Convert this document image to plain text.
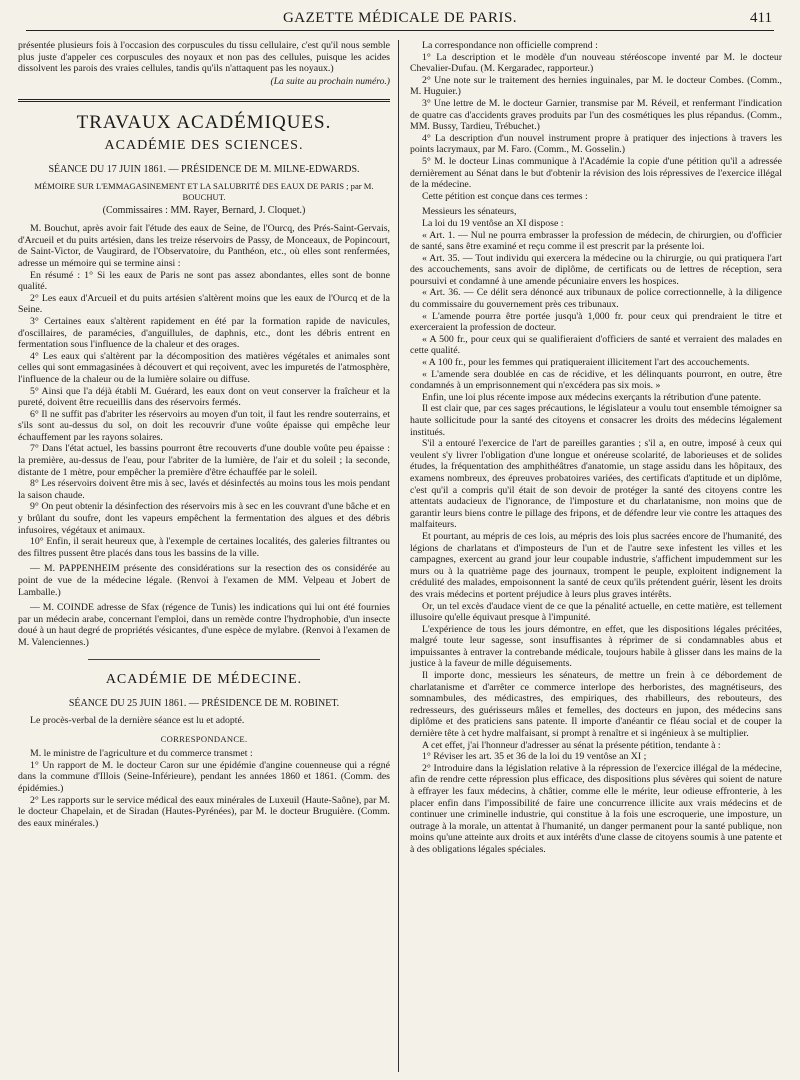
GAZETTE MÉDICALE DE PARIS.	411

présentée plusieurs fois à l'occasion des corpuscules du tissu cellulaire, c'est qu'il nous semble plus juste d'appeler ces corpuscules des noyaux et non pas des cellules, puisque les acides dissolvent les parois des vraies cellules, tandis qu'ils n'attaquent pas les noyaux.)

(La suite au prochain numéro.)
TRAVAUX ACADÉMIQUES.
ACADÉMIE DES SCIENCES.
SÉANCE DU 17 JUIN 1861. — PRÉSIDENCE DE M. MILNE-EDWARDS.
MÉMOIRE SUR L'EMMAGASINEMENT ET LA SALUBRITÉ DES EAUX DE PARIS ; par M. BOUCHUT.
(Commissaires : MM. Rayer, Bernard, J. Cloquet.)

M. Bouchut, après avoir fait l'étude des eaux de Seine, de l'Ourcq, des Prés-Saint-Gervais, d'Arcueil et du puits artésien, dans les treize réservoirs de Passy, de Monceaux, de Popincourt, de Saint-Victor, de Vaugirard, de l'Observatoire, du Panthéon, etc., où elles sont renfermées, adresse un mémoire qui se termine ainsi :

En résumé : 1° Si les eaux de Paris ne sont pas assez abondantes, elles sont de bonne qualité.

2° Les eaux d'Arcueil et du puits artésien s'altèrent moins que les eaux de l'Ourcq et de la Seine.

3° Certaines eaux s'altèrent rapidement en été par la formation rapide de navicules, d'oscillaires, de paramécies, d'anguillules, de daphnis, etc., dont les débris entrent en fermentation sous l'influence de la chaleur et des orages.

4° Les eaux qui s'altèrent par la décomposition des matières végétales et animales sont celles qui sont emmagasinées à découvert et qui reçoivent, avec les impuretés de l'atmosphère, l'influence de la chaleur ou de la lumière solaire ou diffuse.

5° Ainsi que l'a déjà établi M. Guérard, les eaux dont on veut conserver la fraîcheur et la pureté, doivent être recueillis dans des réservoirs fermés.

6° Il ne suffit pas d'abriter les réservoirs au moyen d'un toit, il faut les rendre souterrains, et s'ils sont au-dessus du sol, on doit les recouvrir d'une voûte épaisse qui empêche leur échauffement par les rayons solaires.

7° Dans l'état actuel, les bassins pourront être recouverts d'une double voûte peu épaisse : la première, au-dessus de l'eau, pour l'abriter de la lumière, de l'air et du soleil ; la seconde, distante de 1 mètre, pour empêcher la première d'être échauffée par le soleil.

8° Les réservoirs doivent être mis à sec, lavés et désinfectés au moins tous les mois pendant la saison chaude.

9° On peut obtenir la désinfection des réservoirs mis à sec en les couvrant d'une bâche et en y brûlant du soufre, dont les vapeurs empêchent la fermentation des algues et des débris infusoires, végétaux et animaux.

10° Enfin, il serait heureux que, à l'exemple de certaines localités, des galeries filtrantes ou des filtres pussent être placés dans tous les bassins de la ville.

— M. PAPPENHEIM présente des considérations sur la resection des os considérée au point de vue de la médecine légale. (Renvoi à l'examen de MM. Velpeau et Jobert de Lamballe.)

— M. COINDE adresse de Sfax (régence de Tunis) les indications qui lui ont été fournies par un médecin arabe, concernant l'emploi, dans un remède contre l'hydrophobie, d'un insecte doué à un haut degré de propriétés vésicantes, d'une espèce de mylabre. (Renvoi à l'examen de M. Valenciennes.)

ACADÉMIE DE MÉDECINE.
SÉANCE DU 25 JUIN 1861. — PRÉSIDENCE DE M. ROBINET.

Le procès-verbal de la dernière séance est lu et adopté.

CORRESPONDANCE.

M. le ministre de l'agriculture et du commerce transmet :

1° Un rapport de M. le docteur Caron sur une épidémie d'angine couenneuse qui a régné dans la commune d'Illois (Seine-Inférieure), pendant les années 1860 et 1861. (Comm. des épidémies.)

2° Les rapports sur le service médical des eaux minérales de Luxeuil (Haute-Saône), par M. le docteur Chapelain, et de Siradan (Hautes-Pyrénées), par M. le docteur Bruguière. (Comm. des eaux minérales.)

La correspondance non officielle comprend :

1° La description et le modèle d'un nouveau stéréoscope inventé par M. le docteur Chevalier-Dufau. (M. Kergaradec, rapporteur.)

2° Une note sur le traitement des hernies inguinales, par M. le docteur Combes. (Comm., M. Huguier.)

3° Une lettre de M. le docteur Garnier, transmise par M. Réveil, et renfermant l'indication de quatre cas d'accidents graves produits par l'un des cosmétiques les plus répandus. (Comm., MM. Bussy, Tardieu, Trébuchet.)

4° La description d'un nouvel instrument propre à pratiquer des injections à travers les points lacrymaux, par M. Faro. (Comm., M. Gosselin.)

5° M. le docteur Linas communique à l'Académie la copie d'une pétition qu'il a adressée dernièrement au Sénat dans le but d'obtenir la révision des lois répressives de l'exercice illégal de la médecine.

Cette pétition est conçue dans ces termes :

Messieurs les sénateurs,

La loi du 19 ventôse an XI dispose :

« Art. 1. — Nul ne pourra embrasser la profession de médecin, de chirurgien, ou d'officier de santé, sans être examiné et reçu comme il est prescrit par la présente loi.

« Art. 35. — Tout individu qui exercera la médecine ou la chirurgie, ou qui pratiquera l'art des accouchements, sans avoir de diplôme, de certificats ou de lettres de réception, sera poursuivi et condamné à une amende pécuniaire envers les hospices.

« Art. 36. — Ce délit sera dénoncé aux tribunaux de police correctionnelle, à la diligence du commissaire du gouvernement près ces tribunaux.

« L'amende pourra être portée jusqu'à 1,000 fr. pour ceux qui prendraient le titre et exerceraient la profession de docteur.

« A 500 fr., pour ceux qui se qualifieraient d'officiers de santé et verraient des malades en cette qualité.

« A 100 fr., pour les femmes qui pratiqueraient illicitement l'art des accouchements.

« L'amende sera doublée en cas de récidive, et les délinquants pourront, en outre, être condamnés à un emprisonnement qui n'excédera pas six mois. »

Enfin, une loi plus récente impose aux médecins exerçants la rétribution d'une patente.

Il est clair que, par ces sages précautions, le législateur a voulu tout ensemble témoigner sa haute sollicitude pour la santé des citoyens et consacrer les droits des médecins légalement institués.

S'il a entouré l'exercice de l'art de pareilles garanties ; s'il a, en outre, imposé à ceux qui veulent s'y livrer l'obligation d'une longue et onéreuse scolarité, de laborieuses et de solides études, la fréquentation des amphithéâtres d'anatomie, un stage assidu dans les hôpitaux, des examens nombreux, des épreuves probatoires variées, des certificats d'aptitude et un diplôme, c'est qu'il a compris qu'il était de son devoir de protéger la santé des citoyens contre les attentats audacieux de l'ignorance, de l'imposture et du charlatanisme, non moins que de garantir leurs biens contre le pillage des fripons, et de défendre leur vie contre les attaques des malfaiteurs.

Et pourtant, au mépris de ces lois, au mépris des lois plus sacrées encore de l'humanité, des légions de charlatans et d'imposteurs de l'un et de l'autre sexe infestent les villes et les campagnes, exercent au grand jour leur coupable industrie, s'affichent impudemment sur les murs ou à la quatrième page des journaux, trompent le peuple, exploitent indignement la crédulité des malades, empoisonnent la santé de ceux qu'ils prétendent guérir, lèsent les droits des vrais médecins et portent préjudice à leurs plus graves intérêts.

Or, un tel excès d'audace vient de ce que la pénalité actuelle, en cette matière, est tellement illusoire qu'elle équivaut presque à l'impunité.

L'expérience de tous les jours démontre, en effet, que les dispositions légales précitées, malgré toute leur sagesse, sont insuffisantes à réprimer de si condamnables abus et impuissantes à entraver la contrebande médicale, toujours habile à glisser dans les mains de la justice à la faveur de mille déguisements.

Il importe donc, messieurs les sénateurs, de mettre un frein à ce débordement de charlatanisme et d'arrêter ce commerce interlope des herboristes, des magnétiseurs, des somnambules, des médicastres, des empiriques, des rhabilleurs, des rebouteurs, des redresseurs, des guérisseurs mâles et femelles, des docteurs en jupon, des médecins sans diplôme et des praticiens sans patente. Il importe d'anéantir ce fléau social et de couper la dernière tête à cet hydre malfaisant, si prompt à renaître et si ingénieux à se multiplier.

A cet effet, j'ai l'honneur d'adresser au sénat la présente pétition, tendante à :

1° Réviser les art. 35 et 36 de la loi du 19 ventôse an XI ;

2° Introduire dans la législation relative à la répression de l'exercice illégal de la médecine, afin de rendre cette répression plus efficace, des dispositions plus sévères qui soient de nature à effrayer les faux médecins, à châtier, comme elle le mérite, leur odieuse effronterie, à les placer enfin dans l'impossibilité de faire une concurrence illicite aux vrais médecins et de continuer une criminelle industrie, qui constitue à la fois une escroquerie, une imposture, un outrage à la morale, un attentat à l'humanité, un danger permanent pour la santé publique, non moins qu'une atteinte aux droits et aux intérêts d'une classe de citoyens soumis à une patente et à des obligations légales spéciales.
